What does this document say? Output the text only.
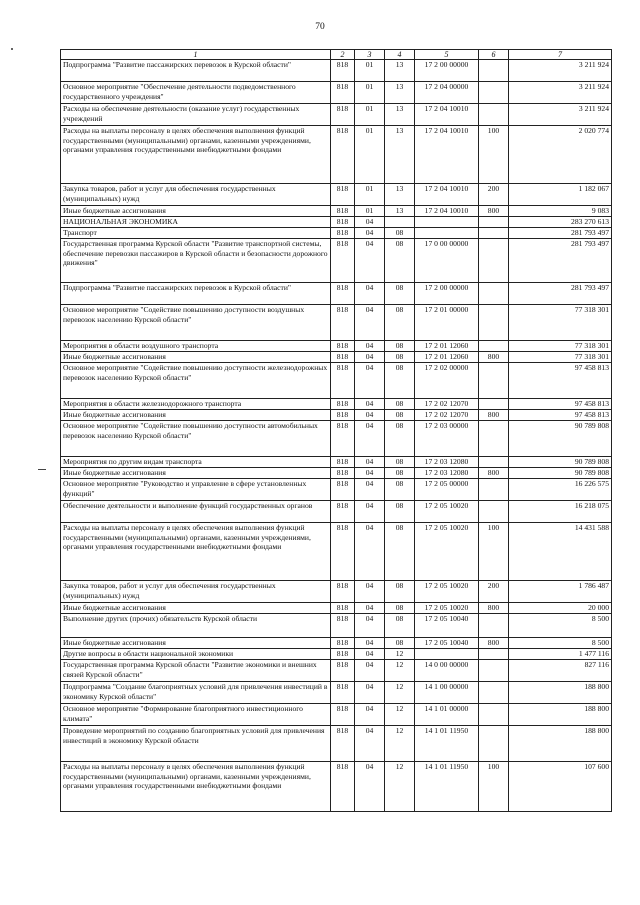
70
1	2	3	4	5	6	7
Подпрограмма "Развитие пассажирских перевозок в Курской области"	818	01	13	17 2 00 00000		3 211 924
Основное мероприятие "Обеспечение деятельности подведомственного государственного учреждения"	818	01	13	17 2 04 00000		3 211 924
Расходы на обеспечение деятельности (оказание услуг) государственных учреждений	818	01	13	17 2 04 10010		3 211 924
Расходы на выплаты персоналу в целях обеспечения выполнения функций государственными (муниципальными) органами, казенными учреждениями, органами управления государственными внебюджетными фондами	818	01	13	17 2 04 10010	100	2 020 774
Закупка товаров, работ и услуг для обеспечения государственных (муниципальных) нужд	818	01	13	17 2 04 10010	200	1 182 067
Иные бюджетные ассигнования	818	01	13	17 2 04 10010	800	9 083
НАЦИОНАЛЬНАЯ ЭКОНОМИКА	818	04				283 270 613
Транспорт	818	04	08			281 793 497
Государственная программа Курской области "Развитие транспортной системы, обеспечение перевозки пассажиров в Курской области и безопасности дорожного движения"	818	04	08	17 0 00 00000		281 793 497
Подпрограмма "Развитие пассажирских перевозок в Курской области"	818	04	08	17 2 00 00000		281 793 497
Основное мероприятие "Содействие повышению доступности воздушных перевозок населению Курской области"	818	04	08	17 2 01 00000		77 318 301
Мероприятия в области воздушного транспорта	818	04	08	17 2 01 12060		77 318 301
Иные бюджетные ассигнования	818	04	08	17 2 01 12060	800	77 318 301
Основное мероприятие "Содействие повышению доступности железнодорожных перевозок населению Курской области"	818	04	08	17 2 02 00000		97 458 813
Мероприятия в области железнодорожного транспорта	818	04	08	17 2 02 12070		97 458 813
Иные бюджетные ассигнования	818	04	08	17 2 02 12070	800	97 458 813
Основное мероприятие "Содействие повышению доступности автомобильных перевозок населению Курской области"	818	04	08	17 2 03 00000		90 789 808
Мероприятия по другим видам транспорта	818	04	08	17 2 03 12080		90 789 808
Иные бюджетные ассигнования	818	04	08	17 2 03 12080	800	90 789 808
Основное мероприятие "Руководство и управление в сфере установленных функций"	818	04	08	17 2 05 00000		16 226 575
Обеспечение деятельности и выполнение функций государственных органов	818	04	08	17 2 05 10020		16 218 075
Расходы на выплаты персоналу в целях обеспечения выполнения функций государственными (муниципальными) органами, казенными учреждениями, органами управления государственными внебюджетными фондами	818	04	08	17 2 05 10020	100	14 431 588
Закупка товаров, работ и услуг для обеспечения государственных (муниципальных) нужд	818	04	08	17 2 05 10020	200	1 786 487
Иные бюджетные ассигнования	818	04	08	17 2 05 10020	800	20 000
Выполнение других (прочих) обязательств Курской области	818	04	08	17 2 05 10040		8 500
Иные бюджетные ассигнования	818	04	08	17 2 05 10040	800	8 500
Другие вопросы в области национальной экономики	818	04	12			1 477 116
Государственная программа Курской области "Развитие экономики и внешних связей Курской области"	818	04	12	14 0 00 00000		827 116
Подпрограмма "Создание благоприятных условий для привлечения инвестиций в экономику Курской области"	818	04	12	14 1 00 00000		188 800
Основное мероприятие "Формирование благоприятного инвестиционного климата"	818	04	12	14 1 01 00000		188 800
Проведение мероприятий по созданию благоприятных условий для привлечения инвестиций в экономику Курской области	818	04	12	14 1 01 11950		188 800
Расходы на выплаты персоналу в целях обеспечения выполнения функций государственными (муниципальными) органами, казенными учреждениями, органами управления государственными внебюджетными фондами	818	04	12	14 1 01 11950	100	107 600
